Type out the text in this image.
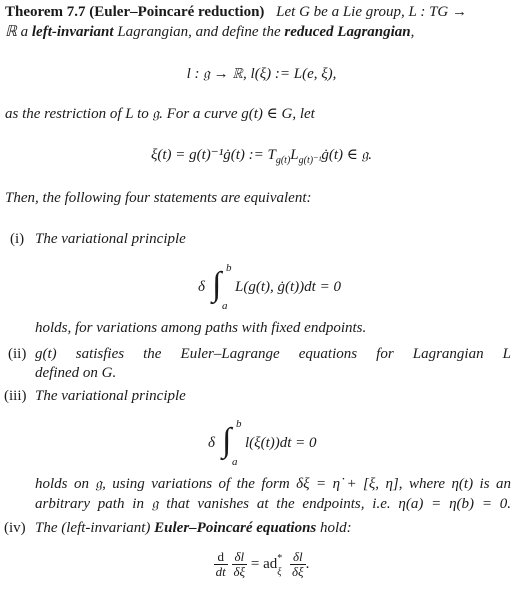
Theorem 7.7 (Euler–Poincaré reduction) Let G be a Lie group, L : TG →
ℝ a left-invariant Lagrangian, and define the reduced Lagrangian,
l : 𝔤 → ℝ, l(ξ) := L(e, ξ),
as the restriction of L to 𝔤. For a curve g(t) ∈ G, let
ξ(t) = g(t)⁻¹ġ(t) := $T_{g(t)}L_{g(t)^{-1}}ġ(t)$ ∈ 𝔤.
Then, the following four statements are equivalent:
(i) The variational principle
δ ∫ b
a
L(g(t), ġ(t))dt = 0
holds, for variations among paths with fixed endpoints.
(ii) g(t) satisfies the Euler–Lagrange equations for Lagrangian L
defined on G.
(iii) The variational principle
δ ∫ b
a
l(ξ(t))dt = 0
holds on 𝔤, using variations of the form δξ = η̇ + [ξ, η], where η(t) is an
arbitrary path in 𝔤 that vanishes at the endpoints, i.e. η(a) = η(b) = 0.
(iv) The (left-invariant) Euler–Poincaré equations hold:
$\frac{d}{dt}$
$\frac{\delta l}{\delta\xi}$ = ad *
ξ
$\frac{\delta l}{\delta\xi}$ .
